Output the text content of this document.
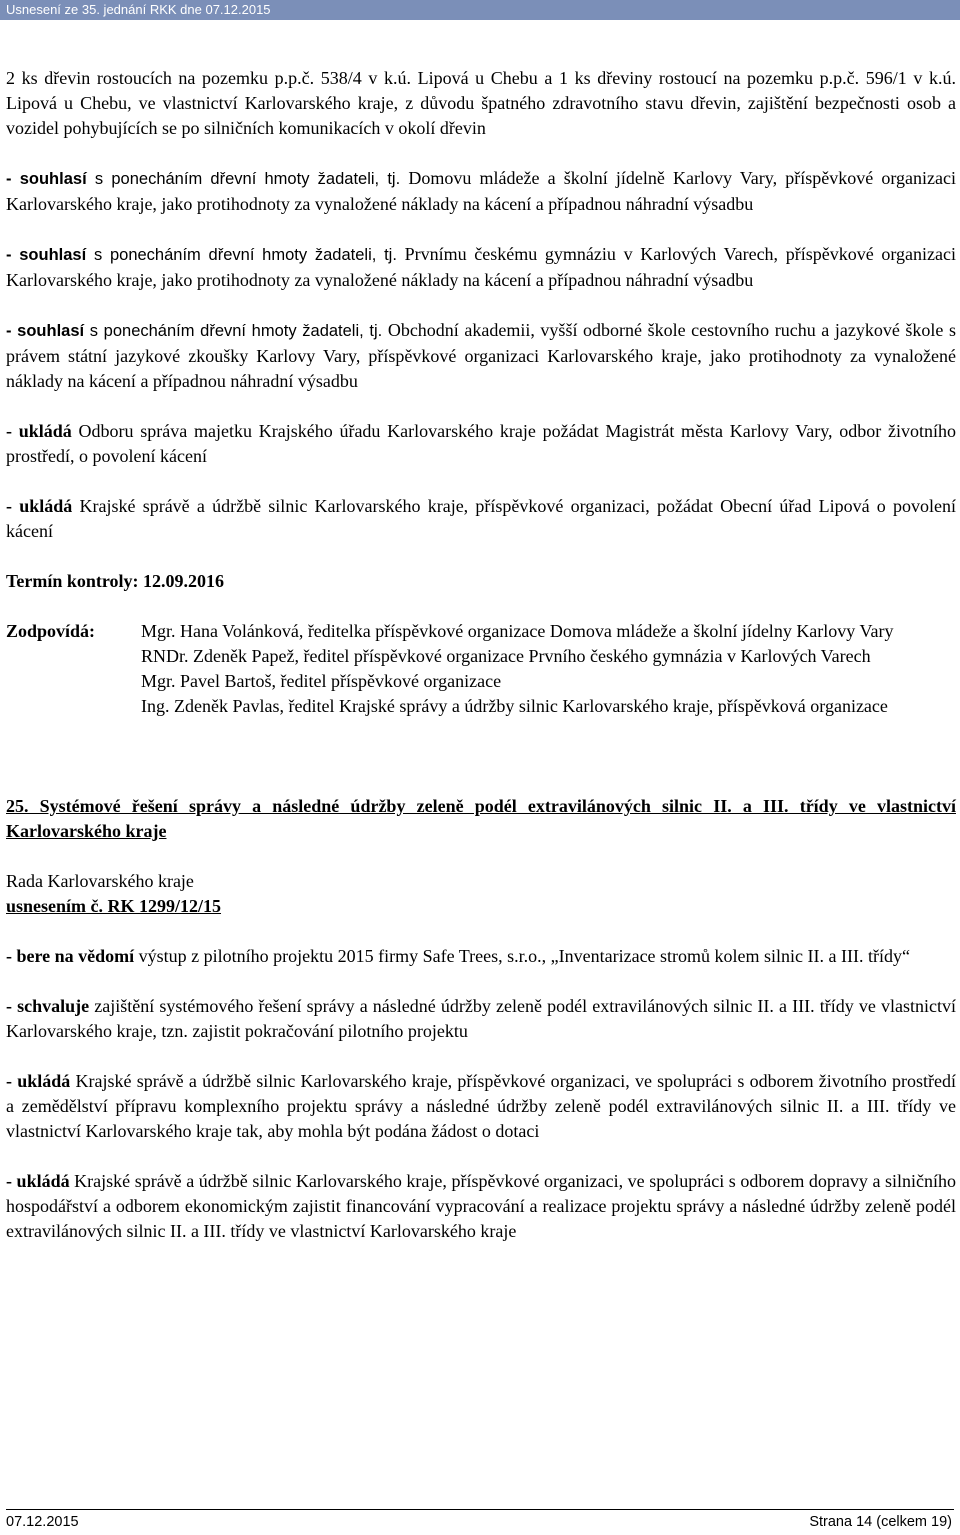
Usnesení ze 35. jednání RKK dne 07.12.2015

2 ks dřevin rostoucích na pozemku p.p.č. 538/4 v k.ú. Lipová u Chebu a 1 ks dřeviny rostoucí na pozemku p.p.č. 596/1 v k.ú. Lipová u Chebu, ve vlastnictví Karlovarského kraje, z důvodu špatného zdravotního stavu dřevin, zajištění bezpečnosti osob a vozidel pohybujících se po silničních komunikacích v okolí dřevin

- souhlasí s ponecháním dřevní hmoty žadateli, tj. Domovu mládeže a školní jídelně Karlovy Vary, příspěvkové organizaci Karlovarského kraje, jako protihodnoty za vynaložené náklady na kácení a případnou náhradní výsadbu

- souhlasí s ponecháním dřevní hmoty žadateli, tj. Prvnímu českému gymnáziu v Karlových Varech, příspěvkové organizaci Karlovarského kraje, jako protihodnoty za vynaložené náklady na kácení a případnou náhradní výsadbu

- souhlasí s ponecháním dřevní hmoty žadateli, tj. Obchodní akademii, vyšší odborné škole cestovního ruchu a jazykové škole s právem státní jazykové zkoušky Karlovy Vary, příspěvkové organizaci Karlovarského kraje, jako protihodnoty za vynaložené náklady na kácení a případnou náhradní výsadbu

- ukládá Odboru správa majetku Krajského úřadu Karlovarského kraje požádat Magistrát města Karlovy Vary, odbor životního prostředí, o povolení kácení

- ukládá Krajské správě a údržbě silnic Karlovarského kraje, příspěvkové organizaci, požádat Obecní úřad Lipová o povolení kácení

Termín kontroly: 12.09.2016

Zodpovídá:	Mgr. Hana Volánková, ředitelka příspěvkové organizace Domova mládeže a školní jídelny Karlovy Vary
RNDr. Zdeněk Papež, ředitel příspěvkové organizace Prvního českého gymnázia v Karlových Varech
Mgr. Pavel Bartoš, ředitel příspěvkové organizace
Ing. Zdeněk Pavlas, ředitel Krajské správy a údržby silnic Karlovarského kraje, příspěvková organizace

25. Systémové řešení správy a následné údržby zeleně podél extravilánových silnic II. a III. třídy ve vlastnictví Karlovarského kraje

Rada Karlovarského kraje

usnesením č. RK 1299/12/15

- bere na vědomí výstup z pilotního projektu 2015 firmy Safe Trees, s.r.o., „Inventarizace stromů kolem silnic II. a III. třídy“

- schvaluje zajištění systémového řešení správy a následné údržby zeleně podél extravilánových silnic II. a III. třídy ve vlastnictví Karlovarského kraje, tzn. zajistit pokračování pilotního projektu

- ukládá Krajské správě a údržbě silnic Karlovarského kraje, příspěvkové organizaci, ve spolupráci s odborem životního prostředí a zemědělství přípravu komplexního projektu správy a následné údržby zeleně podél extravilánových silnic II. a III. třídy ve vlastnictví Karlovarského kraje tak, aby mohla být podána žádost o dotaci

- ukládá Krajské správě a údržbě silnic Karlovarského kraje, příspěvkové organizaci, ve spolupráci s odborem dopravy a silničního hospodářství a odborem ekonomickým zajistit financování vypracování a realizace projektu správy a následné údržby zeleně podél extravilánových silnic II. a III. třídy ve vlastnictví Karlovarského kraje

07.12.2015	Strana 14 (celkem 19)
